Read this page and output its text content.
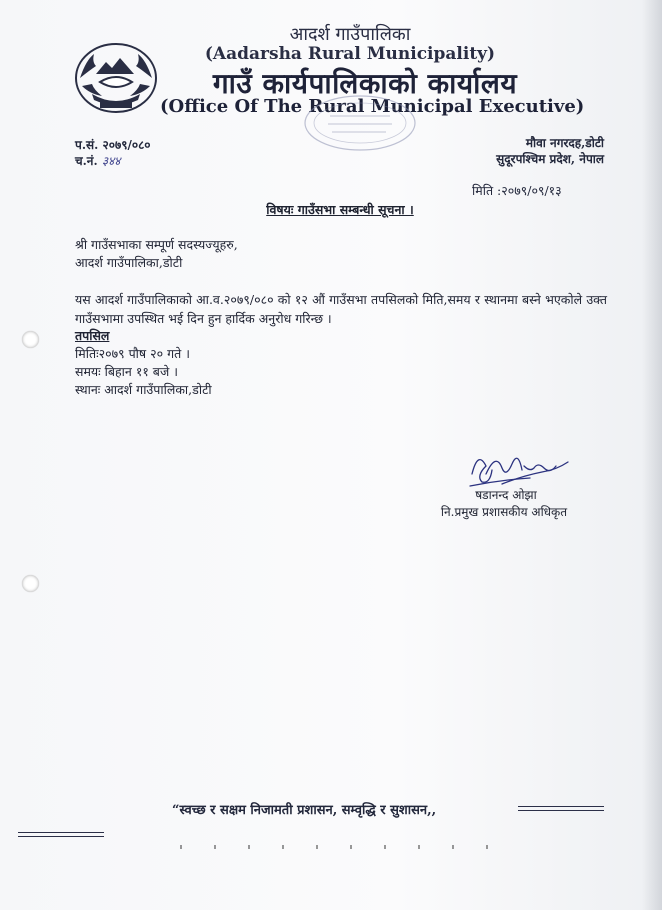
आदर्श गाउँपालिका
(Aadarsha Rural Municipality)
गाउँ कार्यपालिकाको कार्यालय
(Office Of The Rural Municipal Executive)
प.सं. २०७९/०८०
च.नं. ३४४
मौवा नगरदह,डोटी
सुदूरपश्चिम प्रदेश, नेपाल
मिति :२०७९/०९/१३
विषयः गाउँसभा सम्बन्धी सूचना ।
श्री गाउँसभाका सम्पूर्ण सदस्यज्यूहरु,
आदर्श गाउँपालिका,डोटी
यस आदर्श गाउँपालिकाको आ.व.२०७९/०८० को १२ औं गाउँसभा तपसिलको मिति,समय र स्थानमा बस्ने भएकोले उक्त गाउँसभामा उपस्थित भई दिन हुन हार्दिक अनुरोध गरिन्छ ।
तपसिल
मितिः२०७९ पौष २० गते ।
समयः बिहान ११ बजे ।
स्थानः आदर्श गाउँपालिका,डोटी
षडानन्द ओझा
नि.प्रमुख प्रशासकीय अधिकृत
“स्वच्छ र सक्षम निजामती प्रशासन, सम्वृद्धि र सुशासन,,
